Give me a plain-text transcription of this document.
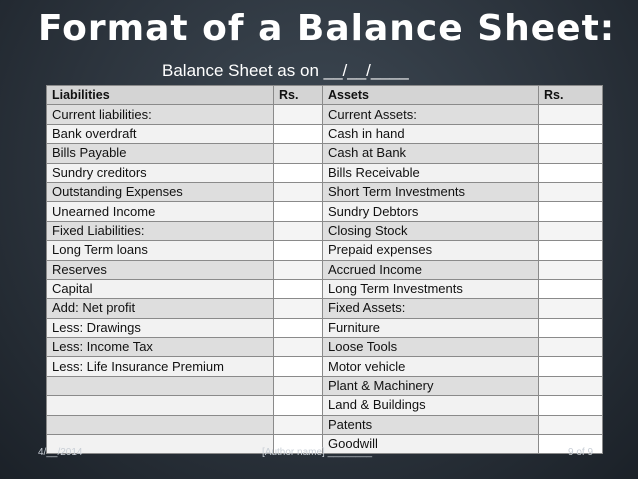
Format of a Balance Sheet:
Balance Sheet as on __/__/____
Liabilities	Rs.	Assets	Rs.
Current liabilities:		Current Assets:	
Bank overdraft		Cash in hand	
Bills Payable		Cash at Bank	
Sundry creditors		Bills Receivable	
Outstanding Expenses		Short Term Investments	
Unearned Income		Sundry Debtors	
Fixed Liabilities:		Closing Stock	
Long Term loans		Prepaid expenses	
Reserves		Accrued Income	
Capital		Long Term Investments	
Add: Net profit		Fixed Assets:	
Less: Drawings		Furniture	
Less: Income Tax		Loose Tools	
Less: Life Insurance Premium		Motor vehicle	
		Plant & Machinery	
		Land & Buildings	
		Patents	
		Goodwill	
4/__/2014	[Author name] ________	9 of 9
